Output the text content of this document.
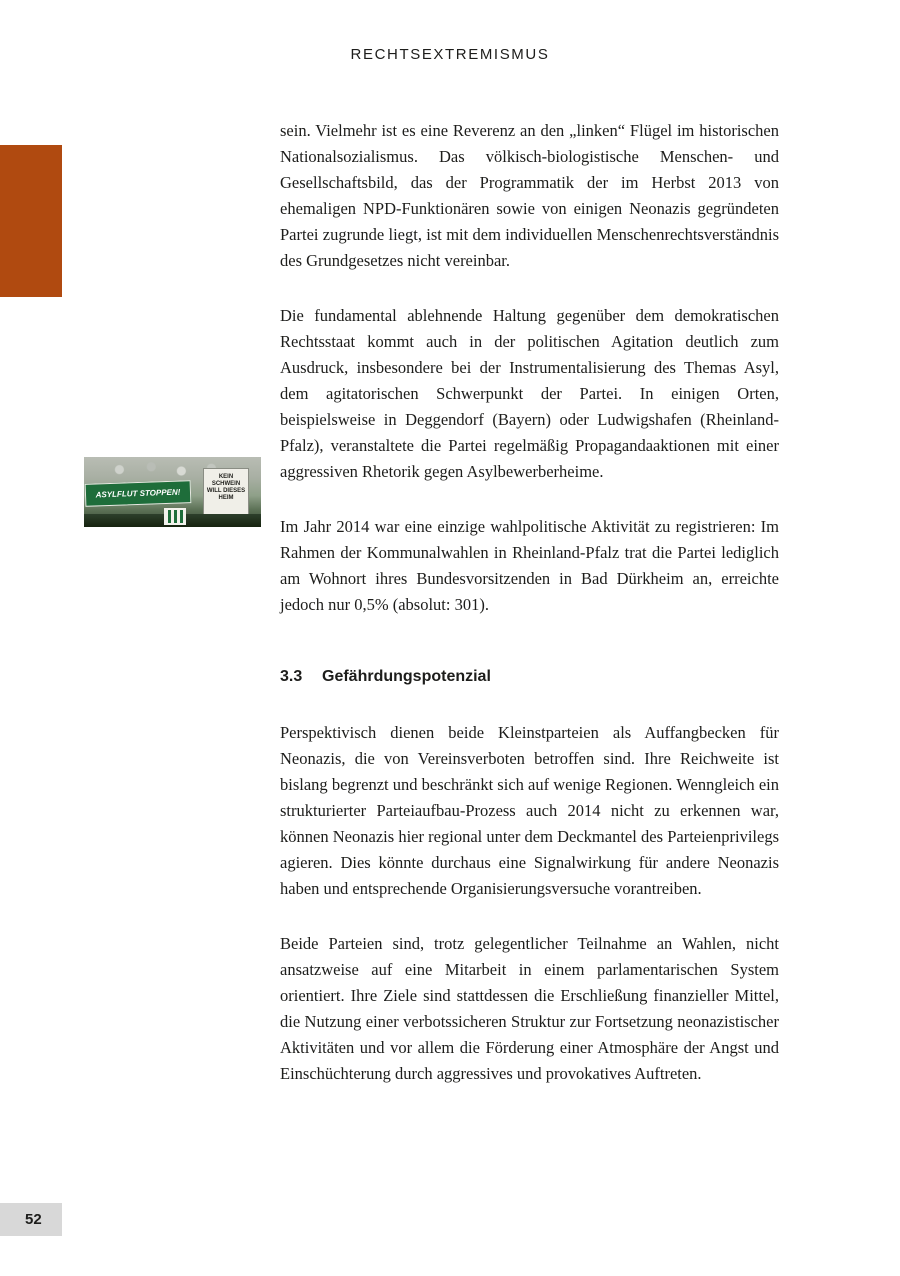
RECHTSEXTREMISMUS
ASYLFLUT STOPPEN!
KEIN SCHWEIN WILL DIESES HEIM

sein. Vielmehr ist es eine Reverenz an den „linken“ Flügel im historischen Nationalsozialismus. Das völkisch-biologistische Menschen- und Gesellschaftsbild, das der Programmatik der im Herbst 2013 von ehemaligen NPD-Funktionären sowie von einigen Neonazis gegründeten Partei zugrunde liegt, ist mit dem individuellen Menschenrechtsverständnis des Grundgesetzes nicht vereinbar.

Die fundamental ablehnende Haltung gegenüber dem demokratischen Rechtsstaat kommt auch in der politischen Agitation deutlich zum Ausdruck, insbesondere bei der Instrumentalisierung des Themas Asyl, dem agitatorischen Schwerpunkt der Partei. In einigen Orten, beispielsweise in Deggendorf (Bayern) oder Ludwigshafen (Rheinland-Pfalz), veranstaltete die Partei regelmäßig Propagandaaktionen mit einer aggressiven Rhetorik gegen Asylbewerberheime.

Im Jahr 2014 war eine einzige wahlpolitische Aktivität zu registrieren: Im Rahmen der Kommunalwahlen in Rheinland-Pfalz trat die Partei lediglich am Wohnort ihres Bundesvorsitzenden in Bad Dürkheim an, erreichte jedoch nur 0,5% (absolut: 301).

3.3 Gefährdungspotenzial

Perspektivisch dienen beide Kleinstparteien als Auffangbecken für Neonazis, die von Vereinsverboten betroffen sind. Ihre Reichweite ist bislang begrenzt und beschränkt sich auf wenige Regionen. Wenngleich ein strukturierter Parteiaufbau-Prozess auch 2014 nicht zu erkennen war, können Neonazis hier regional unter dem Deckmantel des Parteienprivilegs agieren. Dies könnte durchaus eine Signalwirkung für andere Neonazis haben und entsprechende Organisierungsversuche vorantreiben.

Beide Parteien sind, trotz gelegentlicher Teilnahme an Wahlen, nicht ansatzweise auf eine Mitarbeit in einem parlamentarischen System orientiert. Ihre Ziele sind stattdessen die Erschließung finanzieller Mittel, die Nutzung einer verbotssicheren Struktur zur Fortsetzung neonazistischer Aktivitäten und vor allem die Förderung einer Atmosphäre der Angst und Einschüchterung durch aggressives und provokatives Auftreten.

52
